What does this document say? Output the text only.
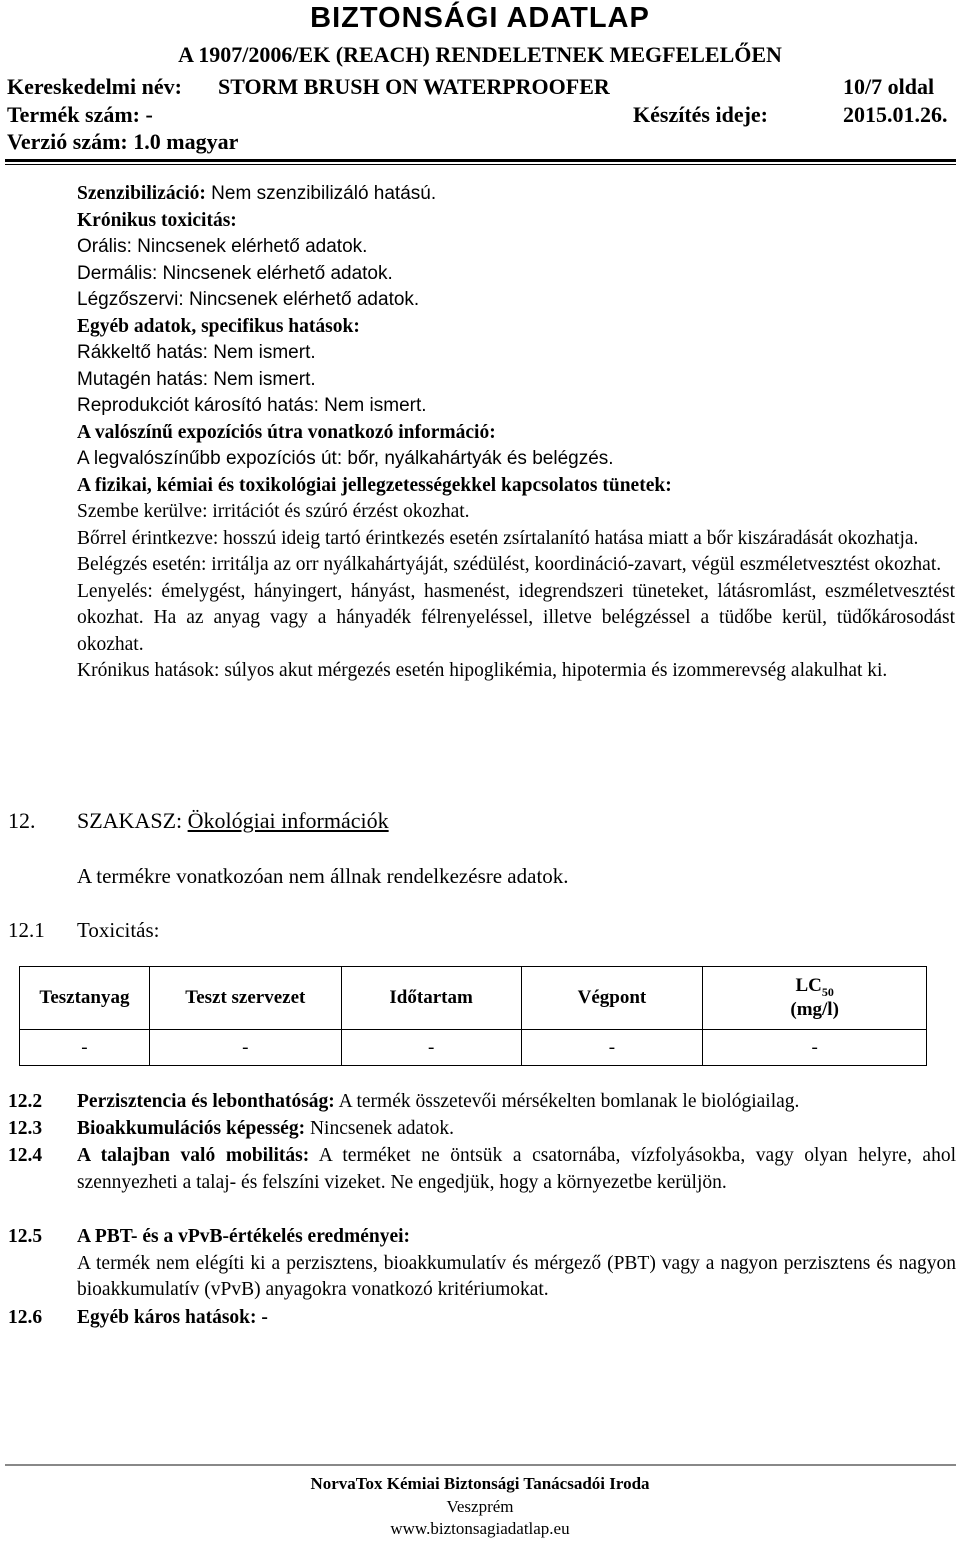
BIZTONSÁGI ADATLAP
A 1907/2006/EK (REACH) RENDELETNEK MEGFELELŐEN
Kereskedelmi név: STORM BRUSH ON WATERPROOFER	10/7 oldal
Termék szám: -	Készítés ideje:	2015.01.26.
Verzió szám: 1.0 magyar
Szenzibilizáció: Nem szenzibilizáló hatású.
Krónikus toxicitás:
Orális: Nincsenek elérhető adatok.
Dermális: Nincsenek elérhető adatok.
Légzőszervi: Nincsenek elérhető adatok.
Egyéb adatok, specifikus hatások:
Rákkeltő hatás: Nem ismert.
Mutagén hatás: Nem ismert.
Reprodukciót károsító hatás: Nem ismert.
A valószínű expozíciós útra vonatkozó információ:
A legvalószínűbb expozíciós út: bőr, nyálkahártyák és belégzés.
A fizikai, kémiai és toxikológiai jellegzetességekkel kapcsolatos tünetek:
Szembe kerülve: irritációt és szúró érzést okozhat.
Bőrrel érintkezve: hosszú ideig tartó érintkezés esetén zsírtalanító hatása miatt a bőr kiszáradását okozhatja.
Belégzés esetén: irritálja az orr nyálkahártyáját, szédülést, koordináció-zavart, végül eszméletvesztést okozhat.
Lenyelés: émelygést, hányingert, hányást, hasmenést, idegrendszeri tüneteket, látásromlást, eszméletvesztést okozhat. Ha az anyag vagy a hányadék félrenyeléssel, illetve belégzéssel a tüdőbe kerül, tüdőkárosodást okozhat.
Krónikus hatások: súlyos akut mérgezés esetén hipoglikémia, hipotermia és izommerevség alakulhat ki.
12. SZAKASZ: Ökológiai információk
A termékre vonatkozóan nem állnak rendelkezésre adatok.
12.1 Toxicitás:
Tesztanyag	Teszt szervezet	Időtartam	Végpont	$LC_{50}$
(mg/l)

-	-	-	-	-
12.2 Perzisztencia és lebonthatóság: A termék összetevői mérsékelten bomlanak le biológiailag.
12.3 Bioakkumulációs képesség: Nincsenek adatok.
12.4 A talajban való mobilitás: A terméket ne öntsük a csatornába, vízfolyásokba, vagy olyan helyre, ahol szennyezheti a talaj- és felszíni vizeket. Ne engedjük, hogy a környezetbe kerüljön.
12.5 A PBT- és a vPvB-értékelés eredményei:
A termék nem elégíti ki a perzisztens, bioakkumulatív és mérgező (PBT) vagy a nagyon perzisztens és nagyon bioakkumulatív (vPvB) anyagokra vonatkozó kritériumokat.
12.6 Egyéb káros hatások: -
NorvaTox Kémiai Biztonsági Tanácsadói Iroda
Veszprém
www.biztonsagiadatlap.eu
